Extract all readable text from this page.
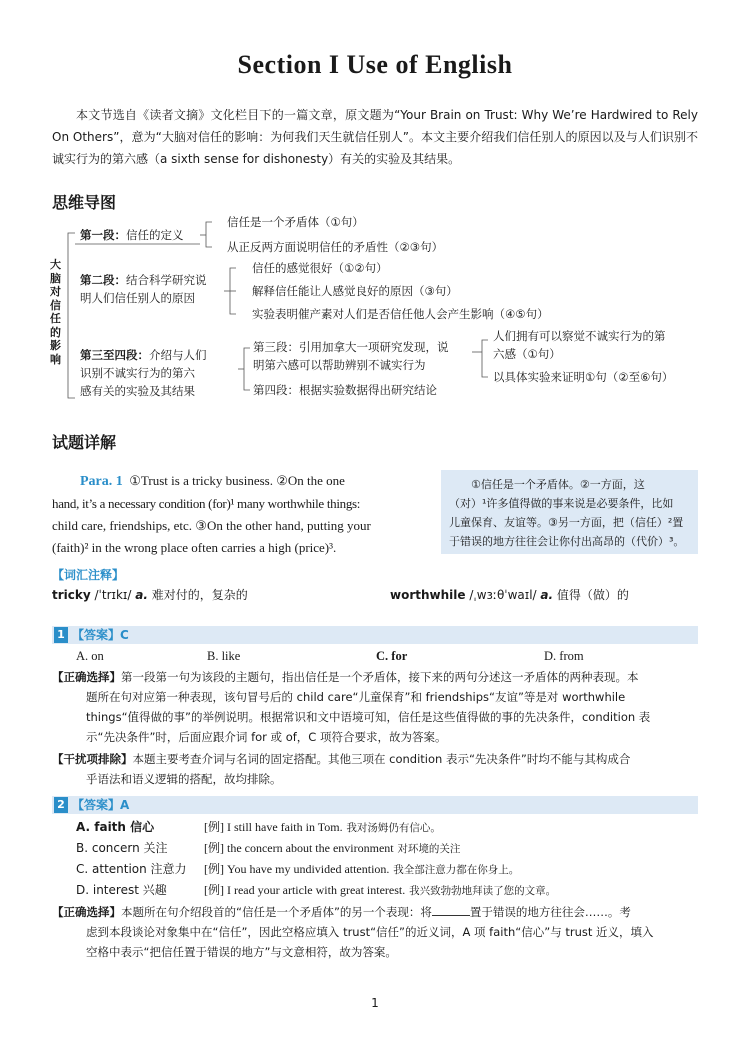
Section I Use of English

本文节选自《读者文摘》文化栏目下的一篇文章，原文题为“Your Brain on Trust: Why We’re Hardwired to Rely On Others”，意为“大脑对信任的影响：为何我们天生就信任别人”。本文主要介绍我们信任别人的原因以及与人们识别不诚实行为的第六感（a sixth sense for dishonesty）有关的实验及其结果。

思维导图
大脑对信任的影响
第一段：信任的定义
信任是一个矛盾体（①句）
从正反两方面说明信任的矛盾性（②③句）
第二段：结合科学研究说
明人们信任别人的原因
信任的感觉很好（①②句）
解释信任能让人感觉良好的原因（③句）
实验表明催产素对人们是否信任他人会产生影响（④⑤句）
第三至四段：介绍与人们
识别不诚实行为的第六
感有关的实验及其结果
第三段：引用加拿大一项研究发现，说
明第六感可以帮助辨别不诚实行为
第四段：根据实验数据得出研究结论
人们拥有可以察觉不诚实行为的第
六感（①句）
以具体实验来证明①句（②至⑥句）
试题详解
Para. 1 ①Trust is a tricky business. ②On the one
hand, it’s a necessary condition (for)¹ many worthwhile things:
child care, friendships, etc. ③On the other hand, putting your
(faith)² in the wrong place often carries a high (price)³.
①信任是一个矛盾体。②一方面，这
（对）¹许多值得做的事来说是必要条件，比如
儿童保育、友谊等。③另一方面，把（信任）²置
于错误的地方往往会让你付出高昂的（代价）³。
【词汇注释】
tricky /ˈtrɪkɪ/ a. 难对付的，复杂的	worthwhile /ˌwɜːθˈwaɪl/ a. 值得（做）的
1 $^{【答案】C}$
A. on	B. like	C. for	D. from
【正确选择】第一段第一句为该段的主题句，指出信任是一个矛盾体，接下来的两句分述这一矛盾体的两种表现。本
题所在句对应第一种表现，该句冒号后的 child care“儿童保育”和 friendships“友谊”等是对 worthwhile
things“值得做的事”的举例说明。根据常识和文中语境可知，信任是这些值得做的事的先决条件，condition 表
示“先决条件”时，后面应跟介词 for 或 of，C 项符合要求，故为答案。
【干扰项排除】本题主要考查介词与名词的固定搭配。其他三项在 condition 表示“先决条件”时均不能与其构成合
乎语法和语义逻辑的搭配，故均排除。
2 $^{【答案】A}$
A. faith 信心	[例] I still have faith in Tom. 我对汤姆仍有信心。
B. concern 关注	[例] the concern about the environment 对环境的关注
C. attention 注意力 [例] You have my undivided attention. 我全部注意力都在你身上。
D. interest 兴趣	[例] I read your article with great interest. 我兴致勃勃地拜读了您的文章。
【正确选择】本题所在句介绍段首的“信任是一个矛盾体”的另一个表现：将	置于错误的地方往往会……。考
虑到本段谈论对象集中在“信任”，因此空格应填入 trust“信任”的近义词，A 项 faith“信心”与 trust 近义，填入
空格中表示“把信任置于错误的地方”与文意相符，故为答案。
1
